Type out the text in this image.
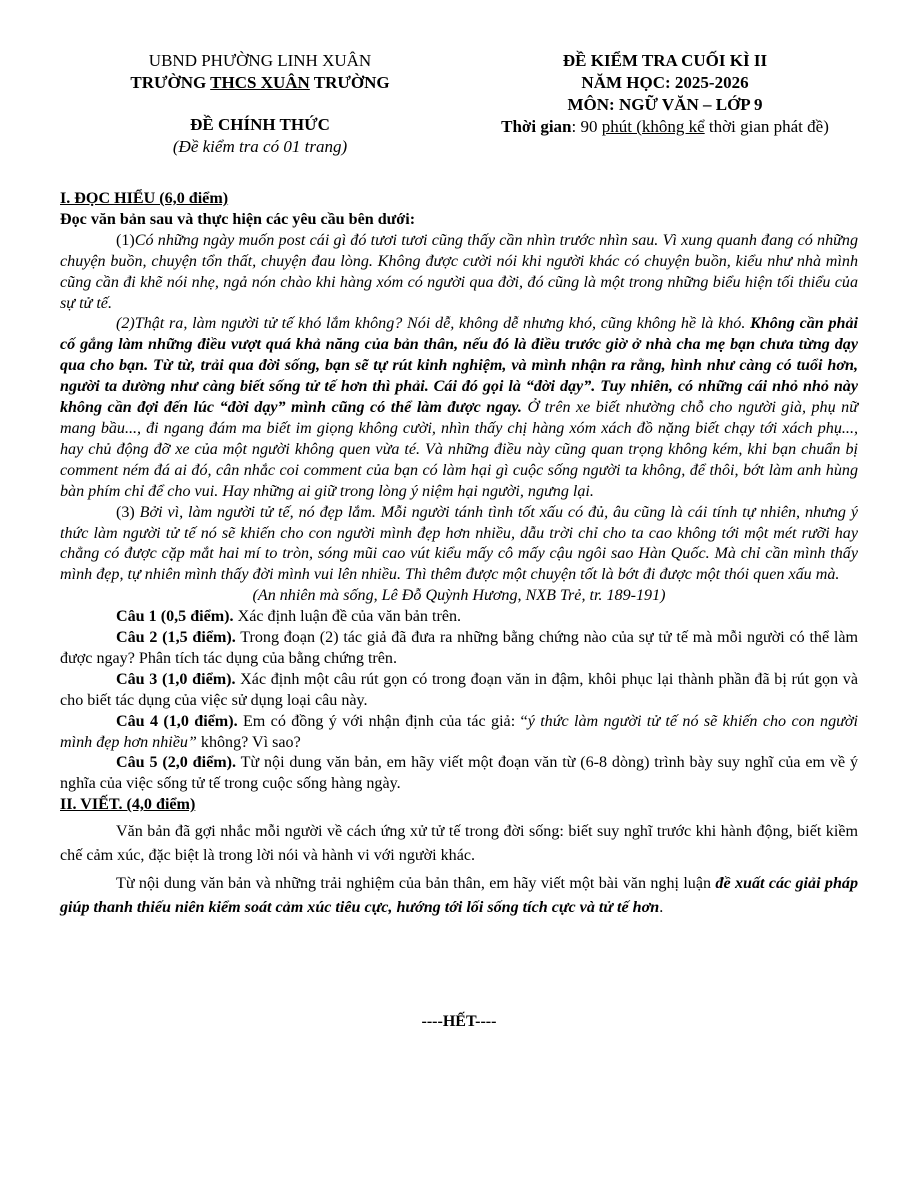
UBND PHƯỜNG LINH XUÂN
TRƯỜNG THCS XUÂN TRƯỜNG
ĐỀ CHÍNH THỨC
(Đề kiểm tra có 01 trang)
ĐỀ KIỂM TRA CUỐI KÌ II
NĂM HỌC: 2025-2026
MÔN: NGỮ VĂN – LỚP 9
Thời gian: 90 phút (không kể thời gian phát đề)

I. ĐỌC HIỂU (6,0 điểm)

Đọc văn bản sau và thực hiện các yêu cầu bên dưới:

(1)Có những ngày muốn post cái gì đó tươi tươi cũng thấy cần nhìn trước nhìn sau. Vì xung quanh đang có những chuyện buồn, chuyện tổn thất, chuyện đau lòng. Không được cười nói khi người khác có chuyện buồn, kiểu như nhà mình cũng cần đi khẽ nói nhẹ, ngả nón chào khi hàng xóm có người qua đời, đó cũng là một trong những biểu hiện tối thiểu của sự tử tế.

(2)Thật ra, làm người tử tế khó lắm không? Nói dễ, không dễ nhưng khó, cũng không hề là khó. Không cần phải cố gắng làm những điều vượt quá khả năng của bản thân, nếu đó là điều trước giờ ở nhà cha mẹ bạn chưa từng dạy qua cho bạn. Từ từ, trải qua đời sống, bạn sẽ tự rút kinh nghiệm, và mình nhận ra rằng, hình như càng có tuổi hơn, người ta dường như càng biết sống tử tế hơn thì phải. Cái đó gọi là “đời dạy”. Tuy nhiên, có những cái nhỏ nhỏ này không cần đợi đến lúc “đời dạy” mình cũng có thể làm được ngay. Ở trên xe biết nhường chỗ cho người già, phụ nữ mang bầu..., đi ngang đám ma biết im giọng không cười, nhìn thấy chị hàng xóm xách đồ nặng biết chạy tới xách phụ..., hay chủ động đỡ xe của một người không quen vừa té. Và những điều này cũng quan trọng không kém, khi bạn chuẩn bị comment ném đá ai đó, cân nhắc coi comment của bạn có làm hại gì cuộc sống người ta không, để thôi, bớt làm anh hùng bàn phím chỉ để cho vui. Hay những ai giữ trong lòng ý niệm hại người, ngưng lại.

(3) Bởi vì, làm người tử tế, nó đẹp lắm. Mỗi người tánh tình tốt xấu có đủ, âu cũng là cái tính tự nhiên, nhưng ý thức làm người tử tế nó sẽ khiến cho con người mình đẹp hơn nhiều, dẫu trời chỉ cho ta cao không tới một mét rưỡi hay chẳng có được cặp mắt hai mí to tròn, sóng mũi cao vút kiểu mấy cô mấy cậu ngôi sao Hàn Quốc. Mà chỉ cần mình thấy mình đẹp, tự nhiên mình thấy đời mình vui lên nhiều. Thì thêm được một chuyện tốt là bớt đi được một thói quen xấu mà.

(An nhiên mà sống, Lê Đỗ Quỳnh Hương, NXB Trẻ, tr. 189-191)

Câu 1 (0,5 điểm). Xác định luận đề của văn bản trên.

Câu 2 (1,5 điểm). Trong đoạn (2) tác giả đã đưa ra những bằng chứng nào của sự tử tế mà mỗi người có thể làm được ngay? Phân tích tác dụng của bằng chứng trên.

Câu 3 (1,0 điểm). Xác định một câu rút gọn có trong đoạn văn in đậm, khôi phục lại thành phần đã bị rút gọn và cho biết tác dụng của việc sử dụng loại câu này.

Câu 4 (1,0 điểm). Em có đồng ý với nhận định của tác giả: “ý thức làm người tử tế nó sẽ khiến cho con người mình đẹp hơn nhiều” không? Vì sao?

Câu 5 (2,0 điểm). Từ nội dung văn bản, em hãy viết một đoạn văn từ (6-8 dòng) trình bày suy nghĩ của em về ý nghĩa của việc sống tử tế trong cuộc sống hàng ngày.

II. VIẾT. (4,0 điểm)

Văn bản đã gợi nhắc mỗi người về cách ứng xử tử tế trong đời sống: biết suy nghĩ trước khi hành động, biết kiềm chế cảm xúc, đặc biệt là trong lời nói và hành vi với người khác.

Từ nội dung văn bản và những trải nghiệm của bản thân, em hãy viết một bài văn nghị luận đề xuất các giải pháp giúp thanh thiếu niên kiểm soát cảm xúc tiêu cực, hướng tới lối sống tích cực và tử tế hơn.

----HẾT----
